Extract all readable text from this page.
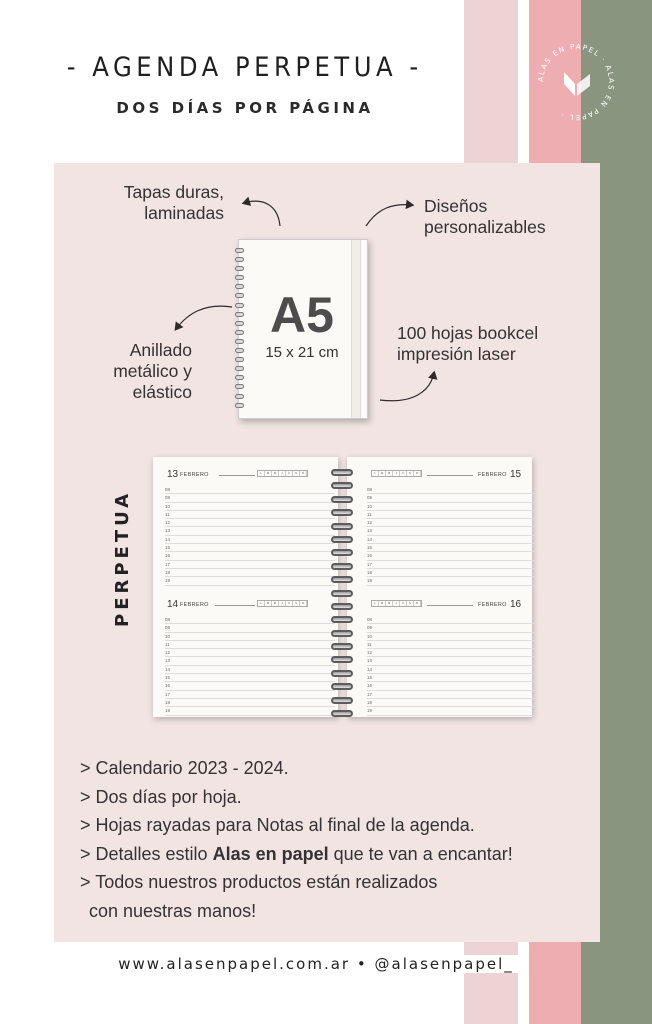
ALAS EN PAPEL · ALAS EN PAPEL ·
- AGENDA PERPETUA -
DOS DÍAS POR PÁGINA
Tapas duras,
laminadas	Diseños
personalizables
Anillado
metálico y
elástico
100 hojas bookcel
impresión laser
A5
15 x 21 cm
PERPETUA
13 FEBRERO	L	M	M	J	V	S	D
08
09
10
11
12
13
14
15
16
17
18
19
14 FEBRERO	L	M	M	J	V	S	D
08
09
10
11
12
13
14
15
16
17
18
19
L	M	M	J	V	S	D	FEBRERO 15
08
09
10
11
12
13
14
15
16
17
18
19
L	M	M	J	V	S	D	FEBRERO 16
08
09
10
11
12
13
14
15
16
17
18
19
> Calendario 2023 - 2024.
> Dos días por hoja.
> Hojas rayadas para Notas al final de la agenda.
> Detalles estilo Alas en papel que te van a encantar!
> Todos nuestros productos están realizados
con nuestras manos!
www.alasenpapel.com.ar • @alasenpapel_
